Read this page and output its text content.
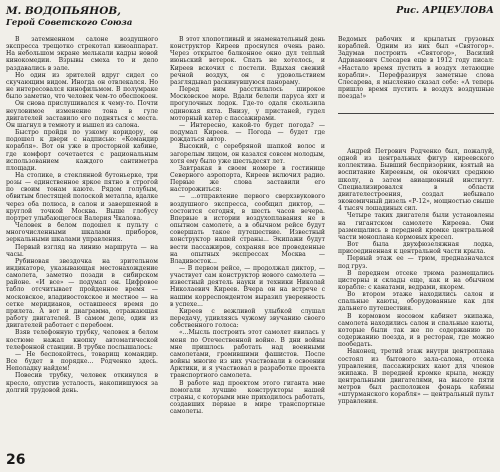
М. ВОДОПЬЯНОВ,
Герой Советского Союза
Рис. АРЦЕУЛОВА

В затемненном салоне воздушного экспресса трещотко стрекотал киноаппарат. На небольшом экране мелькали кадры новой кинокомедии. Взрывы смеха то и дело раздавались в зале.

Но один из зрителей вдруг сидел со скучающим видом. Иногда он отвлекался. Но не интересовался кинофильмом. В полумраке было заметно, что человек чем-то обеспокоен.

Он снова прислушивался к чему-то. Почти неуловимое изменение тона в гуле двигателей заставило его подняться с места. Он шагнул в темноту и вышел из салона.

Быстро пройдя по узкому коридору, он подошел к двери с надписью: «Командир корабля». Вот он уже в просторной кабине, где комфорт сочетается с рациональным использованием каждого сантиметра площади.

На столике, в стеклянной бутоньерке, три розы — единственное яркое пятно в строгой по своим тонам каюте. Рядом голубым, обвитым блестящей полоской металла, вдалке через оба полюса, в салон и завершенной в круглой точкой Москва. Выше глобусу портрет улыбающегося Валерия Чкалова.

Человек в белом подошел к пульту с многочисленными шкалами приборов, зеркальными шкалами управления.

Первый взгляд на линию маршрута — на часы.

Рубиновая звездочка на зрительном индикаторе, указывающая местонахождение самолета, заметно позади в сибирском районе. «И все» — подумал он. Цифровое табло отсчитывает пройденное время — московское, владивостокское и местное — на сетке меридианов, оставшееся время до прилета. А вот и диаграмма, отражающая работу двигателей. В самом деле, один из двигателей работает с перебоем.

Взяв телефонную трубку, человек в белом костюме нажал кнопку автоматической телефонной станции. В трубке послышалось:

— Не беспокойтесь, товарищ командир. Все будет в порядке... Родченко здесь. Неполадку найдем!

Повесив трубку, человек откинулся в кресло, опустив усталость, накопившуюся за долгий трудовой день.

В этот хлопотливый и знаменательный день конструктор Киреев проснулся очень рано. Через открытое балконное окно дул теплый июньский ветерок. Спать не хотелось, и Киреев вскочил с постели. Вдыхая свежий речной воздух, он с удовольствием разглядывал раскинувшуюся панораму.

Перед ним расстилалось широкое Московское море. Вдали белели паруса яхт и прогулочных лодок. Где-то одаля скользила одинокая яхта. Внизу, у пристаней, гудел моторный катер с пассажирами.

— Интересно, какой-то будет погода? — подумал Киреев. — Погода — будет где рождаться автор.

Высокий, с серебряной шапкой волос и загорелым лицом, он казался совсем молодым, хотя ему было уже шестьдесят лет.

Завтракая в своем номере в гостинице Северного аэропорта, Киреев включил радио. Первые же слова заставили его насторожиться:

— ...отправление первого сверхзвукового воздушного экспресса, сообщил диктор, — состоится сегодня, в шесть часов вечера. Впервые в истории воздухоплавания не в опытном самолете, а в обычном рейсе будут совершать такое путешествие. Известный конструктор нашей страны... Экипажи будут вести пассажиров, сохраняя все проведенные на опытных экспрессах Москва — Владивосток...

— В первом рейсе, — продолжал диктор, — участвует сам конструктор нового самолета — известный деятель науки и техники Николай Николаевич Киреев. Вчера он на встрече с нашим корреспондентом выразил уверенность в успехе...

Киреев с вежливой улыбкой слушал передачу, удивляясь чужому звучанию своего собственного голоса:

«...Мысль построить этот самолет явилась у меня по Отечественной войне. В дни войны мне пришлось работать над военными самолетами, громившими фашистов. После войны многие из них участвовали в освоении Арктики, и я участвовал в разработке проекта транспортного самолета.

В работе над проектом этого гиганта мне помогали лучшие конструкторы нашей страны, с которыми мне приходилось работать, создавших первые в мире транспортные самолеты.

Ведомых рабочих и крылатых грузовых кораблей. Одним из них был «Святогор». Задумав построить «Святогор», Василий Адрианович Слесарев еще в 1912 году писал: «Настало время пустить в воздух летающие корабли». Перефразируя заметные слова Слесарева, я мысленно сказал себе: «А теперь пришло время пустить в воздух воздушные поезда!»

Андрей Петрович Родченко был, пожалуй, одной из центральных фигур киреевского коллектива. Бывший беспризорник, взятый на воспитание Киреевым, он окончил среднюю школу, а затем авиационный институт. Специализировался в области двигателестроения, создал небывало экономичный дизель «Р-12», мощностью свыше 4 тысяч лошадиных сил.

Четыре таких двигателя были установлены на гигантском самолете Киреева. Они размещались в передней кромке центральной части моноплана кормовых кресел.

Вот была двухфюзеляжная лодка, присоединенная к центральной части крыла.

Первый этаж ее — трюм, предназначался под груз.

В переднем отсеке трюма размещались цистерны и склады еще, как и на обычном корабле: с канатами, ведрами, якорем.

Во втором этаже находились салон и спальные каюты, оборудованные как для дальнего путешествия.

В кормовом носовом кабинет экипажа, самолета находились салон и спальные каюты, которые были так же по содержанию по содержанию поезда, и в ресторан, где можно пообедать.

Наконец, третий этаж внутри центроплана состоял из бытового зала-салона, отсека управления, пассажирских кают для членов экипажа. В передней кромке крыла, между центральными двигателями, на высоте пяти метров был расположен фонарь кабины «штурманского корабля» — центральный пульт управления.

26
